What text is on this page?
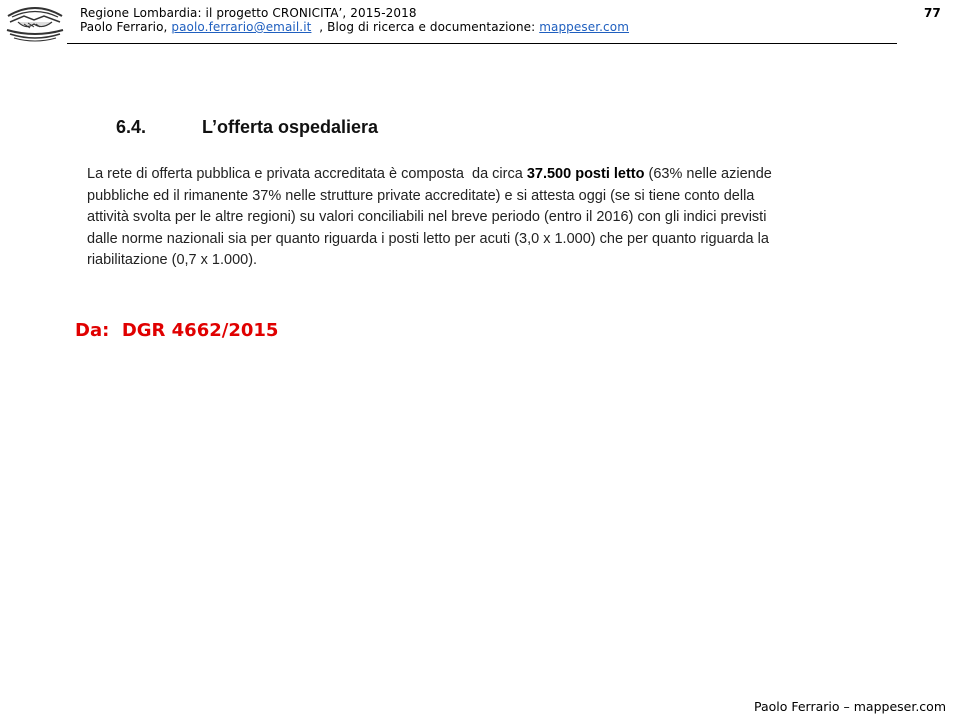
Regione Lombardia: il progetto CRONICITA’, 2015-2018
Paolo Ferrario, paolo.ferrario@email.it  , Blog di ricerca e documentazione: mappeser.com
77
6.4.	L’offerta ospedaliera
La rete di offerta pubblica e privata accreditata è composta  da circa 37.500 posti letto (63% nelle aziende
pubbliche ed il rimanente 37% nelle strutture private accreditate) e si attesta oggi (se si tiene conto della
attività svolta per le altre regioni) su valori conciliabili nel breve periodo (entro il 2016) con gli indici previsti
dalle norme nazionali sia per quanto riguarda i posti letto per acuti (3,0 x 1.000) che per quanto riguarda la
riabilitazione (0,7 x 1.000).
Da:  DGR 4662/2015
Paolo Ferrario – mappeser.com
